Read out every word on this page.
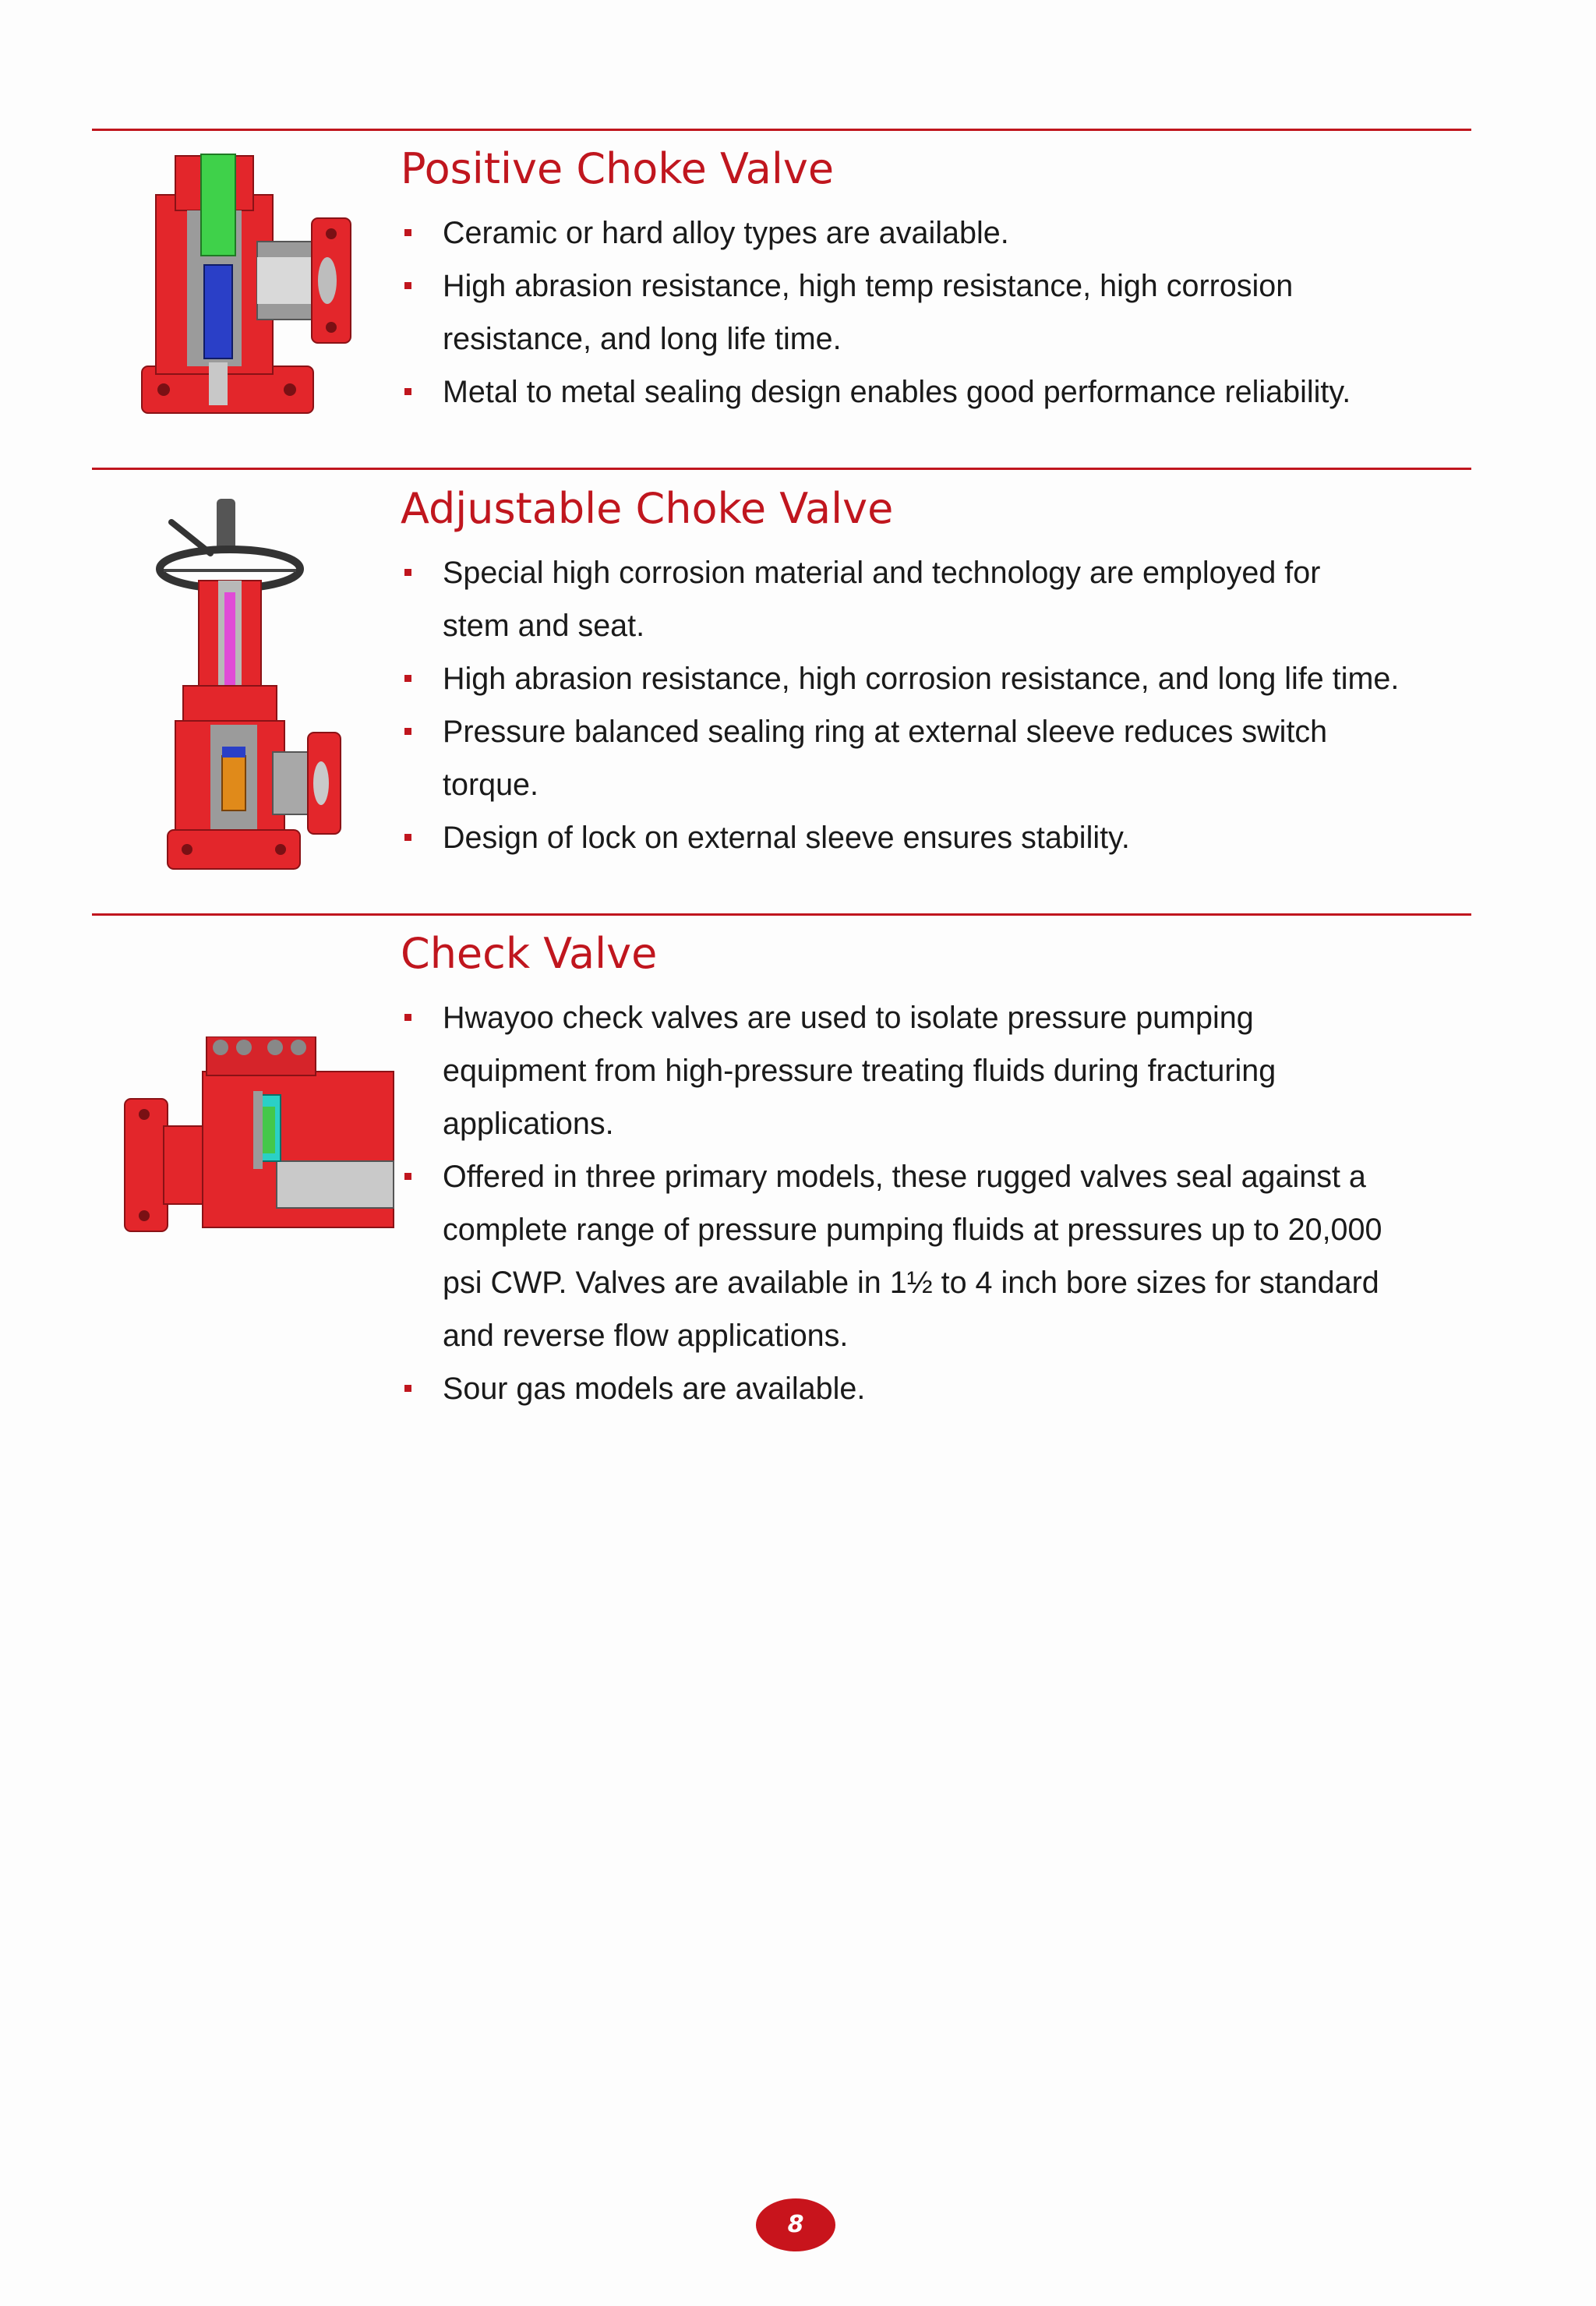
Positive Choke Valve
Ceramic or hard alloy types are available.
High abrasion resistance, high temp resistance, high corrosion
resistance, and long life time.
Metal to metal sealing design enables good performance reliability.
Adjustable Choke Valve
Special high corrosion material and technology are employed for
stem and seat.
High abrasion resistance, high corrosion resistance, and long life time.
Pressure balanced sealing ring at external sleeve reduces switch
torque.
Design of lock on external sleeve ensures stability.
Check Valve
Hwayoo check valves are used to isolate pressure pumping
equipment from high-pressure treating fluids during fracturing
applications.
Offered in three primary models, these rugged valves seal against a
complete range of pressure pumping fluids at pressures up to 20,000
psi CWP. Valves are available in 1½ to 4 inch bore sizes for standard
and reverse flow applications.
Sour gas models are available.
8
